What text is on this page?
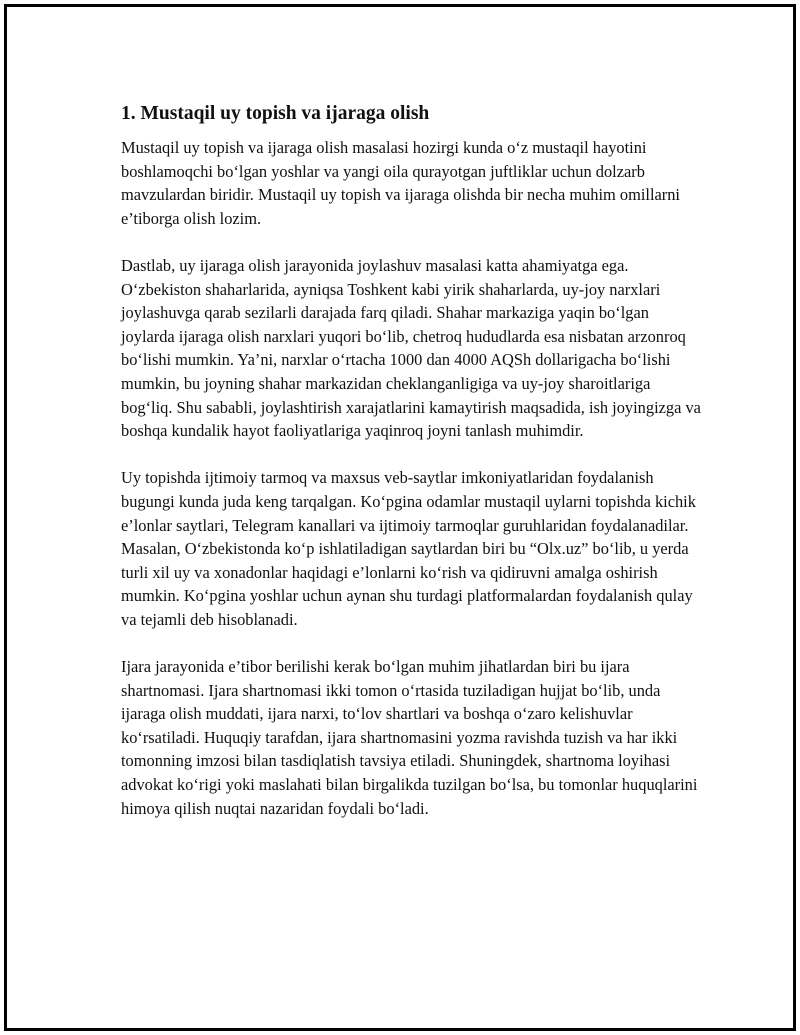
1. Mustaqil uy topish va ijaraga olish

Mustaqil uy topish va ijaraga olish masalasi hozirgi kunda o‘z mustaqil hayotini boshlamoqchi bo‘lgan yoshlar va yangi oila qurayotgan juftliklar uchun dolzarb mavzulardan biridir. Mustaqil uy topish va ijaraga olishda bir necha muhim omillarni e’tiborga olish lozim.

Dastlab, uy ijaraga olish jarayonida joylashuv masalasi katta ahamiyatga ega. O‘zbekiston shaharlarida, ayniqsa Toshkent kabi yirik shaharlarda, uy-joy narxlari joylashuvga qarab sezilarli darajada farq qiladi. Shahar markaziga yaqin bo‘lgan joylarda ijaraga olish narxlari yuqori bo‘lib, chetroq hududlarda esa nisbatan arzonroq bo‘lishi mumkin. Ya’ni, narxlar o‘rtacha 1000 dan 4000 AQSh dollarigacha bo‘lishi mumkin, bu joyning shahar markazidan cheklanganligiga va uy-joy sharoitlariga bog‘liq. Shu sababli, joylashtirish xarajatlarini kamaytirish maqsadida, ish joyingizga va boshqa kundalik hayot faoliyatlariga yaqinroq joyni tanlash muhimdir.

Uy topishda ijtimoiy tarmoq va maxsus veb-saytlar imkoniyatlaridan foydalanish bugungi kunda juda keng tarqalgan. Ko‘pgina odamlar mustaqil uylarni topishda kichik e’lonlar saytlari, Telegram kanallari va ijtimoiy tarmoqlar guruhlaridan foydalanadilar. Masalan, O‘zbekistonda ko‘p ishlatiladigan saytlardan biri bu “Olx.uz” bo‘lib, u yerda turli xil uy va xonadonlar haqidagi e’lonlarni ko‘rish va qidiruvni amalga oshirish mumkin. Ko‘pgina yoshlar uchun aynan shu turdagi platformalardan foydalanish qulay va tejamli deb hisoblanadi.

Ijara jarayonida e’tibor berilishi kerak bo‘lgan muhim jihatlardan biri bu ijara shartnomasi. Ijara shartnomasi ikki tomon o‘rtasida tuziladigan hujjat bo‘lib, unda ijaraga olish muddati, ijara narxi, to‘lov shartlari va boshqa o‘zaro kelishuvlar ko‘rsatiladi. Huquqiy tarafdan, ijara shartnomasini yozma ravishda tuzish va har ikki tomonning imzosi bilan tasdiqlatish tavsiya etiladi. Shuningdek, shartnoma loyihasi advokat ko‘rigi yoki maslahati bilan birgalikda tuzilgan bo‘lsa, bu tomonlar huquqlarini himoya qilish nuqtai nazaridan foydali bo‘ladi.
